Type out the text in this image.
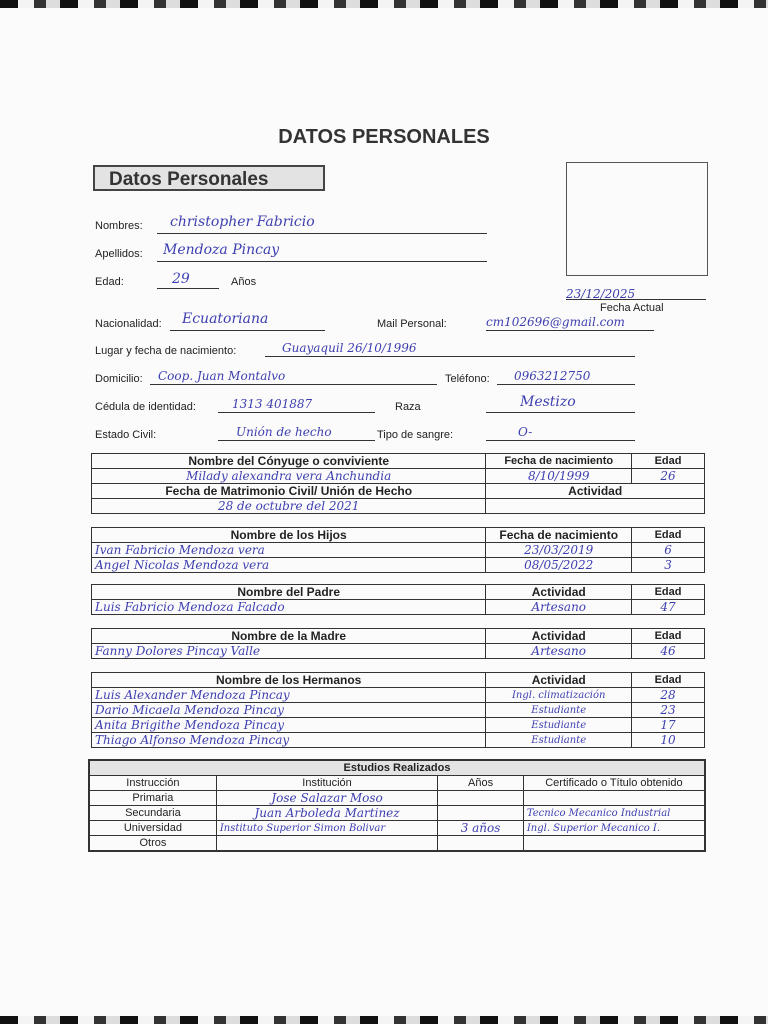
DATOS PERSONALES
Datos Personales
Nombres: christopher Fabricio
Apellidos: Mendoza Pincay
Edad:	29	Años
23/12/2025
Fecha Actual
Nacionalidad: Ecuatoriana	Mail Personal:	cm102696@gmail.com
Lugar y fecha de nacimiento:	Guayaquil 26/10/1996
Domicilio: Coop. Juan Montalvo	Teléfono: 0963212750
Cédula de identidad:	1313 401887	Raza	Mestizo
Estado Civil:	Unión de hecho	Tipo de sangre:	O-
Nombre del Cónyuge o conviviente	Fecha de nacimiento	Edad
Milady alexandra vera Anchundia	8/10/1999	26
Fecha de Matrimonio Civil/ Unión de Hecho	Actividad	
28 de octubre del 2021		
Nombre de los Hijos	Fecha de nacimiento	Edad
Ivan Fabricio Mendoza vera	23/03/2019	6
Angel Nicolas Mendoza vera	08/05/2022	3
Nombre del Padre	Actividad	Edad
Luis Fabricio Mendoza Falcado	Artesano	47
Nombre de la Madre	Actividad	Edad
Fanny Dolores Pincay Valle	Artesano	46
Nombre de los Hermanos	Actividad	Edad
Luis Alexander Mendoza Pincay	Ingl. climatización	28
Dario Micaela Mendoza Pincay	Estudiante	23
Anita Brigithe Mendoza Pincay	Estudiante	17
Thiago Alfonso Mendoza Pincay	Estudiante	10
Estudios Realizados			
Instrucción	Institución	Años	Certificado o Título obtenido
Primaria	Jose Salazar Moso		
Secundaria	Juan Arboleda Martinez		Tecnico Mecanico Industrial
Universidad	Instituto Superior Simon Bolivar	3 años	Ingl. Superior Mecanico I.
Otros			
